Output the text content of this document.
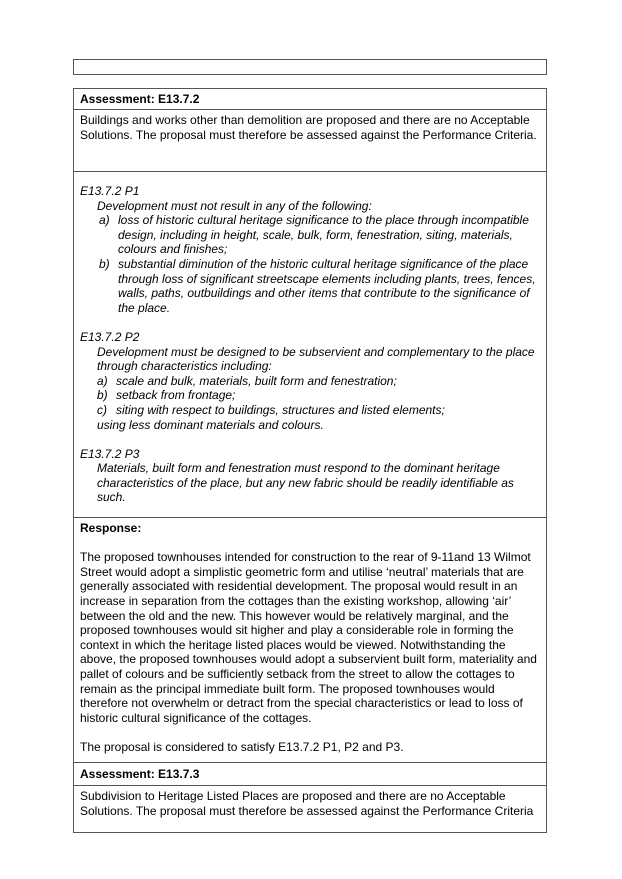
Assessment: E13.7.2

Buildings and works other than demolition are proposed and there are no Acceptable Solutions. The proposal must therefore be assessed against the Performance Criteria.

E13.7.2 P1

Development must not result in any of the following:

a) loss of historic cultural heritage significance to the place through incompatible design, including in height, scale, bulk, form, fenestration, siting, materials, colours and finishes;
b) substantial diminution of the historic cultural heritage significance of the place through loss of significant streetscape elements including plants, trees, fences, walls, paths, outbuildings and other items that contribute to the significance of the place.

E13.7.2 P2

Development must be designed to be subservient and complementary to the place through characteristics including:

a) scale and bulk, materials, built form and fenestration;
b) setback from frontage;
c) siting with respect to buildings, structures and listed elements;

using less dominant materials and colours.

E13.7.2 P3

Materials, built form and fenestration must respond to the dominant heritage characteristics of the place, but any new fabric should be readily identifiable as such.

Response:

The proposed townhouses intended for construction to the rear of 9-11and 13 Wilmot Street would adopt a simplistic geometric form and utilise ‘neutral’ materials that are generally associated with residential development. The proposal would result in an increase in separation from the cottages than the existing workshop, allowing ‘air’ between the old and the new. This however would be relatively marginal, and the proposed townhouses would sit higher and play a considerable role in forming the context in which the heritage listed places would be viewed. Notwithstanding the above, the proposed townhouses would adopt a subservient built form, materiality and pallet of colours and be sufficiently setback from the street to allow the cottages to remain as the principal immediate built form. The proposed townhouses would therefore not overwhelm or detract from the special characteristics or lead to loss of historic cultural significance of the cottages.

The proposal is considered to satisfy E13.7.2 P1, P2 and P3.

Assessment: E13.7.3

Subdivision to Heritage Listed Places are proposed and there are no Acceptable Solutions. The proposal must therefore be assessed against the Performance Criteria
